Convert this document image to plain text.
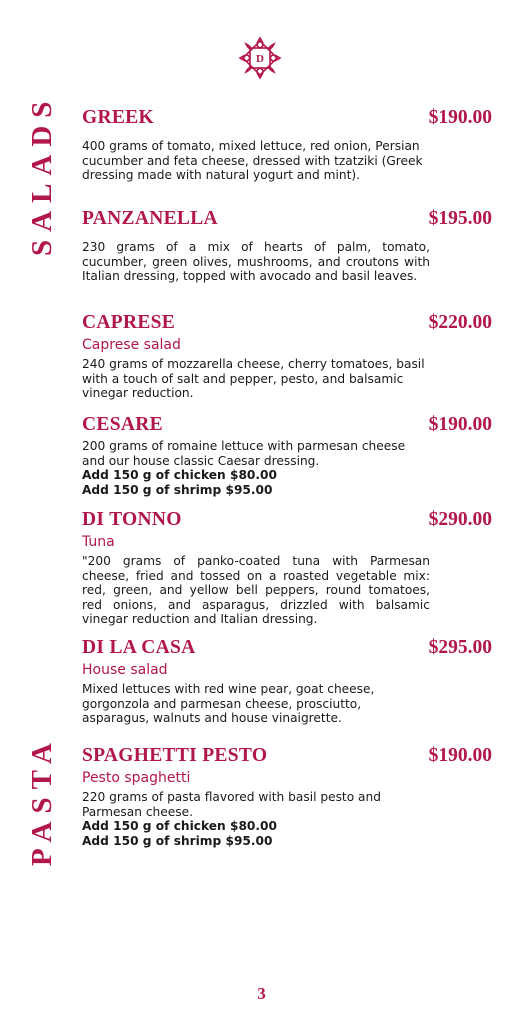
D
SALADS
PASTA
GREEK	$190.00
400 grams of tomato, mixed lettuce, red onion, Persian cucumber and feta cheese, dressed with tzatziki (Greek dressing made with natural yogurt and mint).
PANZANELLA	$195.00
230 grams of a mix of hearts of palm, tomato, cucumber, green olives, mushrooms, and croutons with Italian dressing, topped with avocado and basil leaves.
CAPRESE	$220.00
Caprese salad
240 grams of mozzarella cheese, cherry tomatoes, basil with a touch of salt and pepper, pesto, and balsamic vinegar reduction.
CESARE	$190.00
200 grams of romaine lettuce with parmesan cheese and our house classic Caesar dressing.
Add 150 g of chicken $80.00
Add 150 g of shrimp $95.00
DI TONNO	$290.00
Tuna
"200 grams of panko-coated tuna with Parmesan cheese, fried and tossed on a roasted vegetable mix: red, green, and yellow bell peppers, round tomatoes, red onions, and asparagus, drizzled with balsamic vinegar reduction and Italian dressing.
DI LA CASA	$295.00
House salad
Mixed lettuces with red wine pear, goat cheese, gorgonzola and parmesan cheese, prosciutto, asparagus, walnuts and house vinaigrette.
SPAGHETTI PESTO	$190.00
Pesto spaghetti
220 grams of pasta flavored with basil pesto and Parmesan cheese.
Add 150 g of chicken $80.00
Add 150 g of shrimp $95.00
3
